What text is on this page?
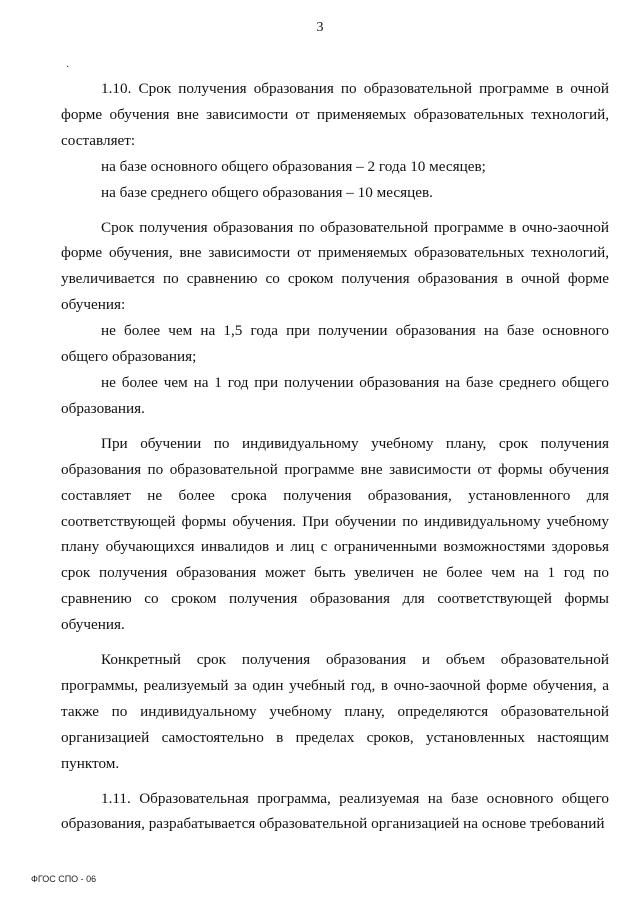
3
·

1.10. Срок получения образования по образовательной программе в очной форме обучения вне зависимости от применяемых образовательных технологий, составляет:

на базе основного общего образования – 2 года 10 месяцев;

на базе среднего общего образования – 10 месяцев.

Срок получения образования по образовательной программе в очно-заочной форме обучения, вне зависимости от применяемых образовательных технологий, увеличивается по сравнению со сроком получения образования в очной форме обучения:

не более чем на 1,5 года при получении образования на базе основного общего образования;

не более чем на 1 год при получении образования на базе среднего общего образования.

При обучении по индивидуальному учебному плану, срок получения образования по образовательной программе вне зависимости от формы обучения составляет не более срока получения образования, установленного для соответствующей формы обучения. При обучении по индивидуальному учебному плану обучающихся инвалидов и лиц с ограниченными возможностями здоровья срок получения образования может быть увеличен не более чем на 1 год по сравнению со сроком получения образования для соответствующей формы обучения.

Конкретный срок получения образования и объем образовательной программы, реализуемый за один учебный год, в очно-заочной форме обучения, а также по индивидуальному учебному плану, определяются образовательной организацией самостоятельно в пределах сроков, установленных настоящим пунктом.

1.11. Образовательная программа, реализуемая на базе основного общего образования, разрабатывается образовательной организацией на основе требований

ФГОС СПО - 06
